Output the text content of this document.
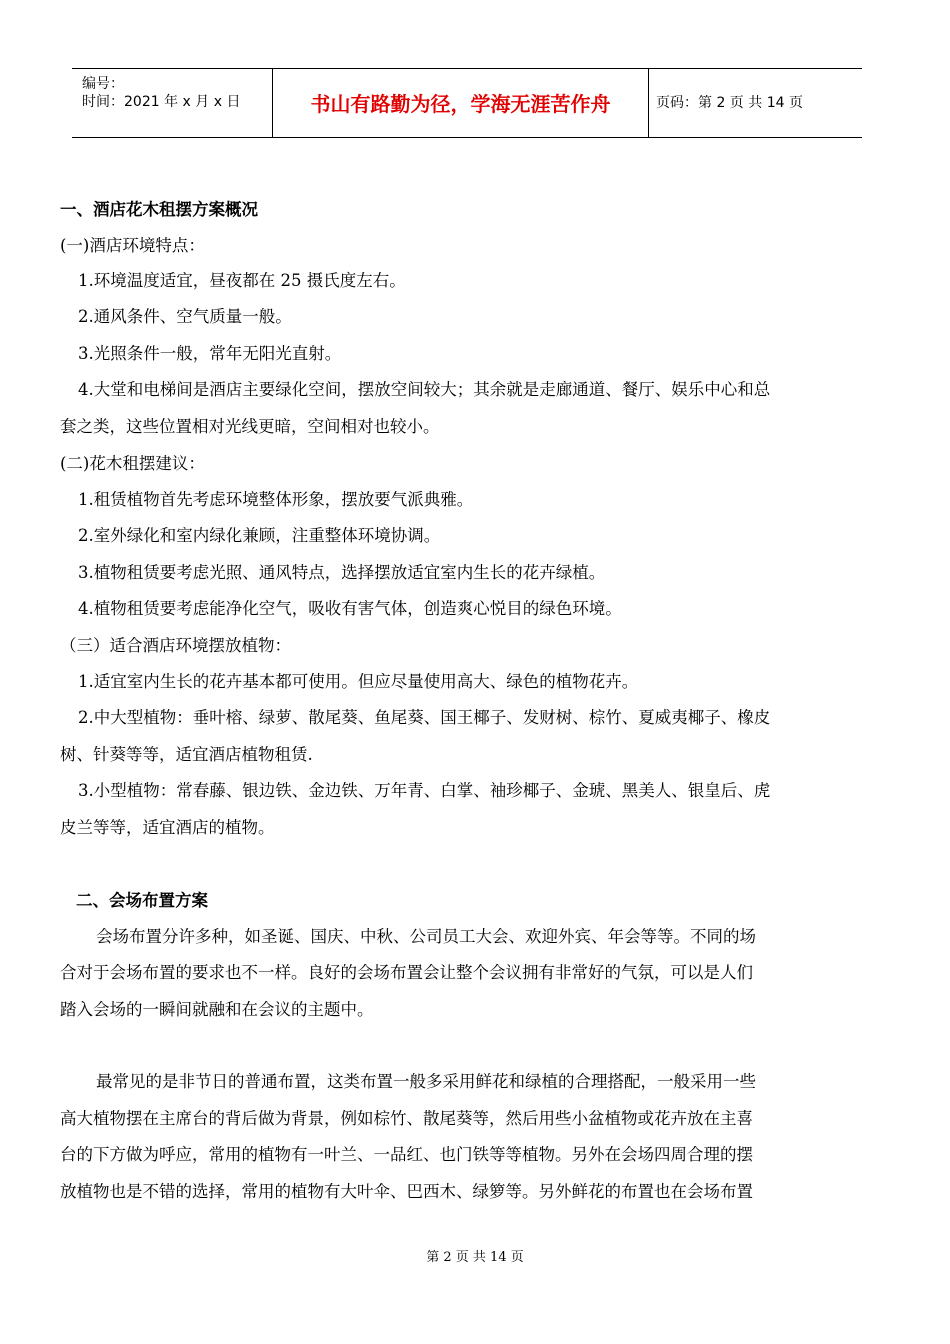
编号：
时间：2021 年 x 月 x 日	书山有路勤为径，学海无涯苦作舟	页码：第 2 页 共 14 页
一、酒店花木租摆方案概况
(一)酒店环境特点：
1.环境温度适宜，昼夜都在 25 摄氏度左右。
2.通风条件、空气质量一般。
3.光照条件一般，常年无阳光直射。
4.大堂和电梯间是酒店主要绿化空间，摆放空间较大；其余就是走廊通道、餐厅、娱乐中心和总
套之类，这些位置相对光线更暗，空间相对也较小。
(二)花木租摆建议：
1.租赁植物首先考虑环境整体形象，摆放要气派典雅。
2.室外绿化和室内绿化兼顾，注重整体环境协调。
3.植物租赁要考虑光照、通风特点，选择摆放适宜室内生长的花卉绿植。
4.植物租赁要考虑能净化空气，吸收有害气体，创造爽心悦目的绿色环境。
（三）适合酒店环境摆放植物：
1.适宜室内生长的花卉基本都可使用。但应尽量使用高大、绿色的植物花卉。
2.中大型植物：垂叶榕、绿萝、散尾葵、鱼尾葵、国王椰子、发财树、棕竹、夏威夷椰子、橡皮
树、针葵等等，适宜酒店植物租赁.
3.小型植物：常春藤、银边铁、金边铁、万年青、白掌、袖珍椰子、金琥、黑美人、银皇后、虎
皮兰等等，适宜酒店的植物。
二、会场布置方案
会场布置分许多种，如圣诞、国庆、中秋、公司员工大会、欢迎外宾、年会等等。不同的场
合对于会场布置的要求也不一样。良好的会场布置会让整个会议拥有非常好的气氛，可以是人们
踏入会场的一瞬间就融和在会议的主题中。
最常见的是非节日的普通布置，这类布置一般多采用鲜花和绿植的合理搭配，一般采用一些
高大植物摆在主席台的背后做为背景，例如棕竹、散尾葵等，然后用些小盆植物或花卉放在主喜
台的下方做为呼应，常用的植物有一叶兰、一品红、也门铁等等植物。另外在会场四周合理的摆
放植物也是不错的选择，常用的植物有大叶伞、巴西木、绿箩等。另外鲜花的布置也在会场布置
第 2 页 共 14 页
